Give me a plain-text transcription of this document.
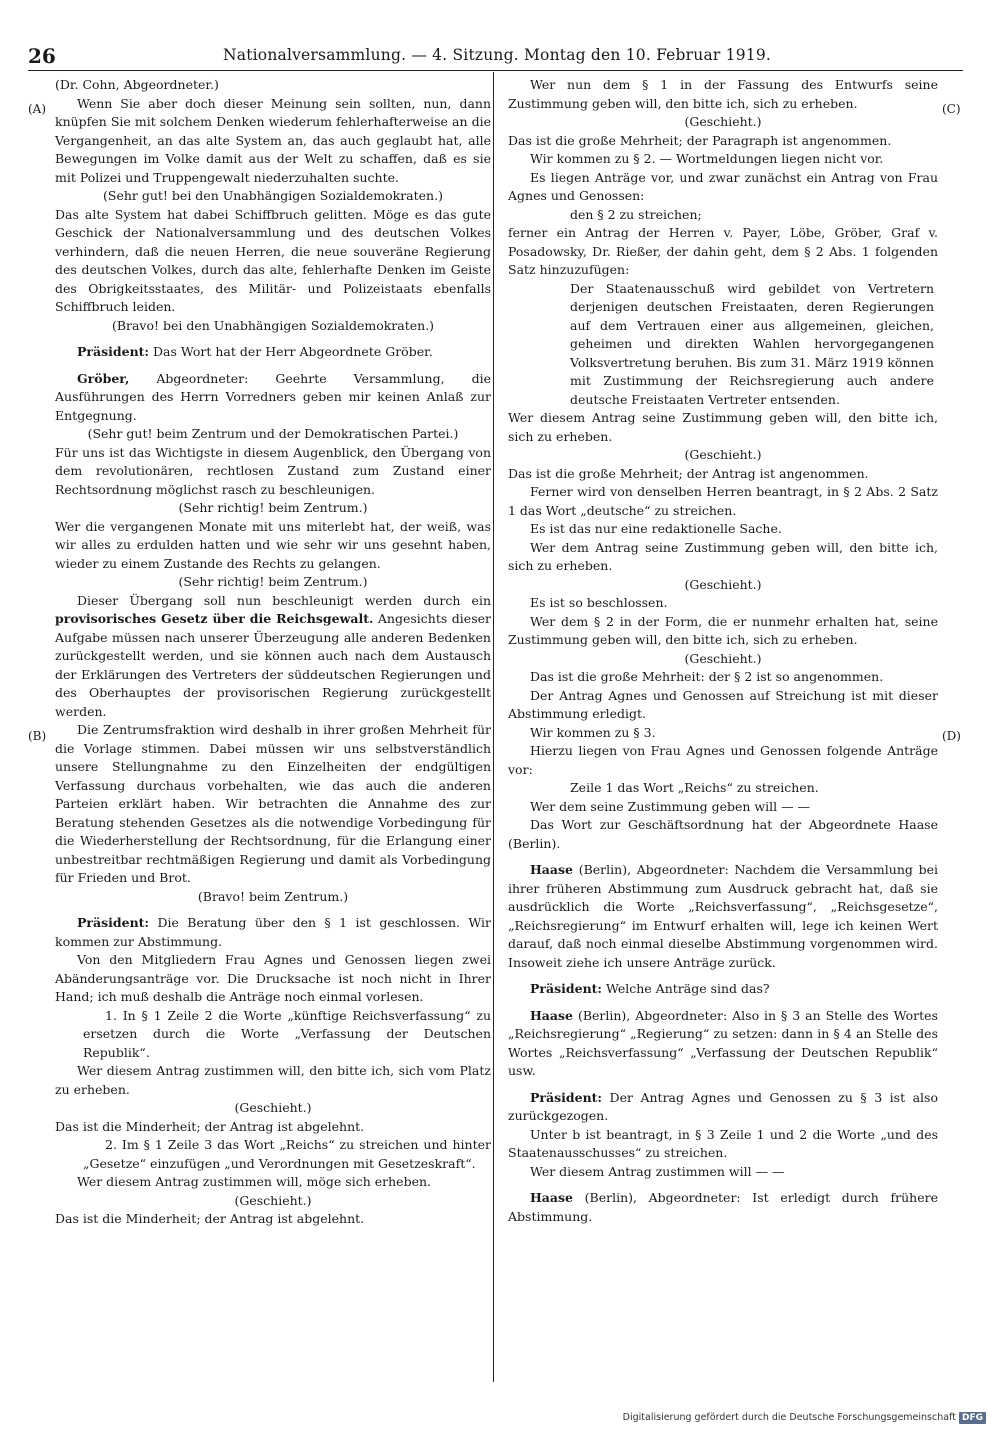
26	Nationalversammlung. — 4. Sitzung. Montag den 10. Februar 1919.
(A)
(B)
(C)
(D)

(Dr. Cohn, Abgeordneter.)

Wenn Sie aber doch dieser Meinung sein sollten, nun, dann knüpfen Sie mit solchem Denken wiederum fehlerhafterweise an die Vergangenheit, an das alte System an, das auch geglaubt hat, alle Bewegungen im Volke damit aus der Welt zu schaffen, daß es sie mit Polizei und Truppengewalt niederzuhalten suchte.

(Sehr gut! bei den Unabhängigen Sozialdemokraten.)

Das alte System hat dabei Schiffbruch gelitten. Möge es das gute Geschick der Nationalversammlung und des deutschen Volkes verhindern, daß die neuen Herren, die neue souveräne Regierung des deutschen Volkes, durch das alte, fehlerhafte Denken im Geiste des Obrigkeitsstaates, des Militär- und Polizeistaats ebenfalls Schiffbruch leiden.

(Bravo! bei den Unabhängigen Sozialdemokraten.)

Präsident: Das Wort hat der Herr Abgeordnete Gröber.

Gröber, Abgeordneter: Geehrte Versammlung, die Ausführungen des Herrn Vorredners geben mir keinen Anlaß zur Entgegnung.

(Sehr gut! beim Zentrum und der Demokratischen Partei.)

Für uns ist das Wichtigste in diesem Augenblick, den Übergang von dem revolutionären, rechtlosen Zustand zum Zustand einer Rechtsordnung möglichst rasch zu beschleunigen.

(Sehr richtig! beim Zentrum.)

Wer die vergangenen Monate mit uns miterlebt hat, der weiß, was wir alles zu erdulden hatten und wie sehr wir uns gesehnt haben, wieder zu einem Zustande des Rechts zu gelangen.

(Sehr richtig! beim Zentrum.)

Dieser Übergang soll nun beschleunigt werden durch ein provisorisches Gesetz über die Reichsgewalt. Angesichts dieser Aufgabe müssen nach unserer Überzeugung alle anderen Bedenken zurückgestellt werden, und sie können auch nach dem Austausch der Erklärungen des Vertreters der süddeutschen Regierungen und des Oberhauptes der provisorischen Regierung zurückgestellt werden.

Die Zentrumsfraktion wird deshalb in ihrer großen Mehrheit für die Vorlage stimmen. Dabei müssen wir uns selbstverständlich unsere Stellungnahme zu den Einzelheiten der endgültigen Verfassung durchaus vorbehalten, wie das auch die anderen Parteien erklärt haben. Wir betrachten die Annahme des zur Beratung stehenden Gesetzes als die notwendige Vorbedingung für die Wiederherstellung der Rechtsordnung, für die Erlangung einer unbestreitbar rechtmäßigen Regierung und damit als Vorbedingung für Frieden und Brot.

(Bravo! beim Zentrum.)

Präsident: Die Beratung über den § 1 ist geschlossen. Wir kommen zur Abstimmung.

Von den Mitgliedern Frau Agnes und Genossen liegen zwei Abänderungsanträge vor. Die Drucksache ist noch nicht in Ihrer Hand; ich muß deshalb die Anträge noch einmal vorlesen.

1. In § 1 Zeile 2 die Worte „künftige Reichsverfassung“ zu ersetzen durch die Worte „Verfassung der Deutschen Republik“.

Wer diesem Antrag zustimmen will, den bitte ich, sich vom Platz zu erheben.

(Geschieht.)

Das ist die Minderheit; der Antrag ist abgelehnt.

2. Im § 1 Zeile 3 das Wort „Reichs“ zu streichen und hinter „Gesetze“ einzufügen „und Verordnungen mit Gesetzeskraft“.

Wer diesem Antrag zustimmen will, möge sich erheben.

(Geschieht.)

Das ist die Minderheit; der Antrag ist abgelehnt.

Wer nun dem § 1 in der Fassung des Entwurfs seine Zustimmung geben will, den bitte ich, sich zu erheben.

(Geschieht.)

Das ist die große Mehrheit; der Paragraph ist angenommen.

Wir kommen zu § 2. — Wortmeldungen liegen nicht vor.

Es liegen Anträge vor, und zwar zunächst ein Antrag von Frau Agnes und Genossen:

den § 2 zu streichen;

ferner ein Antrag der Herren v. Payer, Löbe, Gröber, Graf v. Posadowsky, Dr. Rießer, der dahin geht, dem § 2 Abs. 1 folgenden Satz hinzuzufügen:

Der Staatenausschuß wird gebildet von Vertretern derjenigen deutschen Freistaaten, deren Regierungen auf dem Vertrauen einer aus allgemeinen, gleichen, geheimen und direkten Wahlen hervorgegangenen Volksvertretung beruhen. Bis zum 31. März 1919 können mit Zustimmung der Reichsregierung auch andere deutsche Freistaaten Vertreter entsenden.

Wer diesem Antrag seine Zustimmung geben will, den bitte ich, sich zu erheben.

(Geschieht.)

Das ist die große Mehrheit; der Antrag ist angenommen.

Ferner wird von denselben Herren beantragt, in § 2 Abs. 2 Satz 1 das Wort „deutsche“ zu streichen.

Es ist das nur eine redaktionelle Sache.

Wer dem Antrag seine Zustimmung geben will, den bitte ich, sich zu erheben.

(Geschieht.)

Es ist so beschlossen.

Wer dem § 2 in der Form, die er nunmehr erhalten hat, seine Zustimmung geben will, den bitte ich, sich zu erheben.

(Geschieht.)

Das ist die große Mehrheit: der § 2 ist so angenommen.

Der Antrag Agnes und Genossen auf Streichung ist mit dieser Abstimmung erledigt.

Wir kommen zu § 3.

Hierzu liegen von Frau Agnes und Genossen folgende Anträge vor:

Zeile 1 das Wort „Reichs“ zu streichen.

Wer dem seine Zustimmung geben will — —

Das Wort zur Geschäftsordnung hat der Abgeordnete Haase (Berlin).

Haase (Berlin), Abgeordneter: Nachdem die Versammlung bei ihrer früheren Abstimmung zum Ausdruck gebracht hat, daß sie ausdrücklich die Worte „Reichsverfassung“, „Reichsgesetze“, „Reichsregierung“ im Entwurf erhalten will, lege ich keinen Wert darauf, daß noch einmal dieselbe Abstimmung vorgenommen wird. Insoweit ziehe ich unsere Anträge zurück.

Präsident: Welche Anträge sind das?

Haase (Berlin), Abgeordneter: Also in § 3 an Stelle des Wortes „Reichsregierung“ „Regierung“ zu setzen: dann in § 4 an Stelle des Wortes „Reichsverfassung“ „Verfassung der Deutschen Republik“ usw.

Präsident: Der Antrag Agnes und Genossen zu § 3 ist also zurückgezogen.

Unter b ist beantragt, in § 3 Zeile 1 und 2 die Worte „und des Staatenausschusses“ zu streichen.

Wer diesem Antrag zustimmen will — —

Haase (Berlin), Abgeordneter: Ist erledigt durch frühere Abstimmung.

Digitalisierung gefördert durch die Deutsche Forschungsgemeinschaft DFG
